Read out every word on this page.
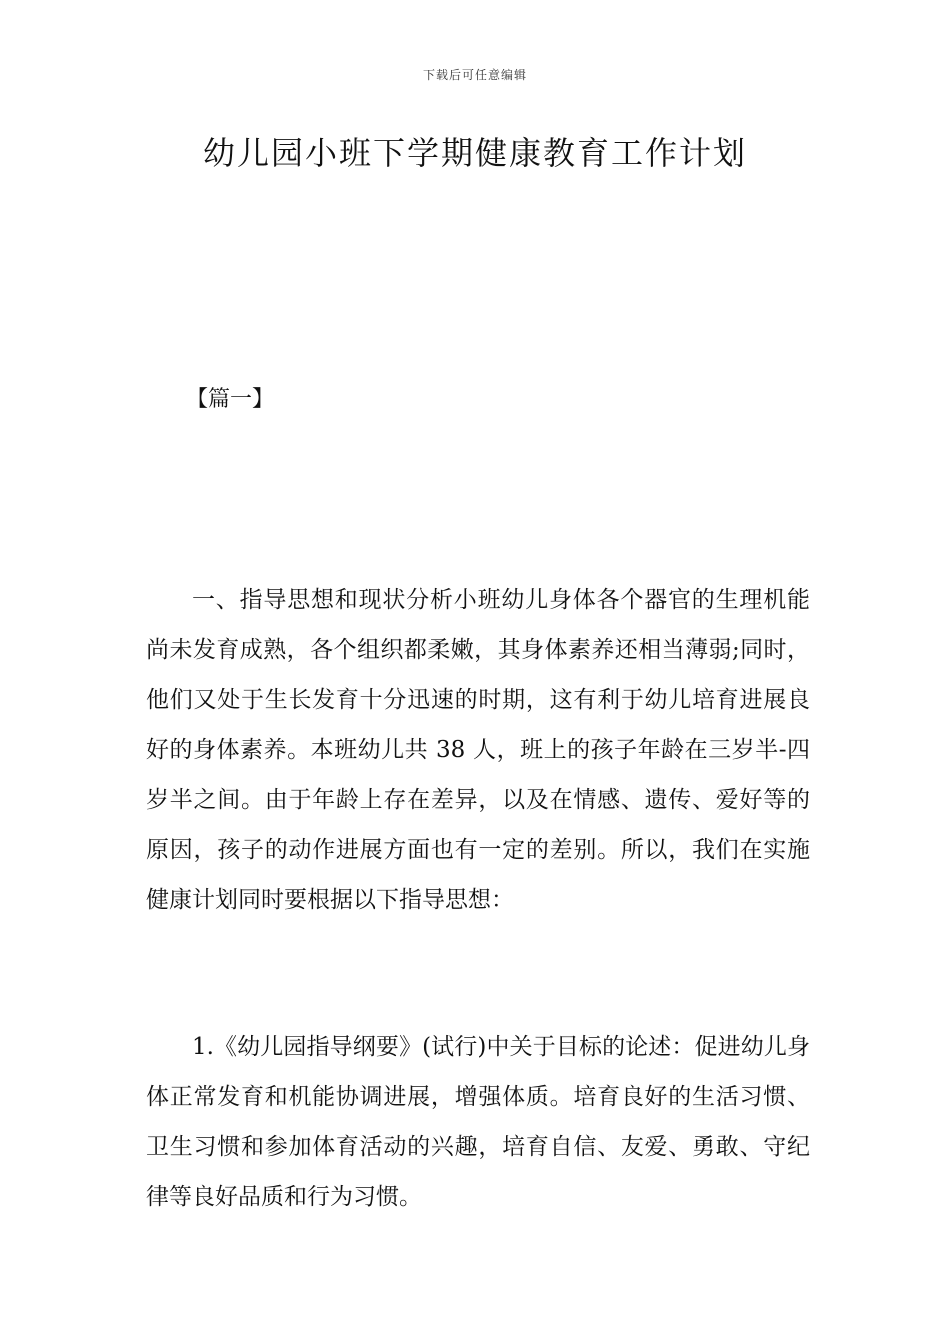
下载后可任意编辑
幼儿园小班下学期健康教育工作计划
【篇一】

一、指导思想和现状分析小班幼儿身体各个器官的生理机能尚未发育成熟，各个组织都柔嫩，其身体素养还相当薄弱;同时，他们又处于生长发育十分迅速的时期，这有利于幼儿培育进展良好的身体素养。本班幼儿共 38 人，班上的孩子年龄在三岁半-四岁半之间。由于年龄上存在差异，以及在情感、遗传、爱好等的原因，孩子的动作进展方面也有一定的差别。所以，我们在实施健康计划同时要根据以下指导思想：

1.《幼儿园指导纲要》(试行)中关于目标的论述：促进幼儿身体正常发育和机能协调进展，增强体质。培育良好的生活习惯、卫生习惯和参加体育活动的兴趣，培育自信、友爱、勇敢、守纪律等良好品质和行为习惯。
